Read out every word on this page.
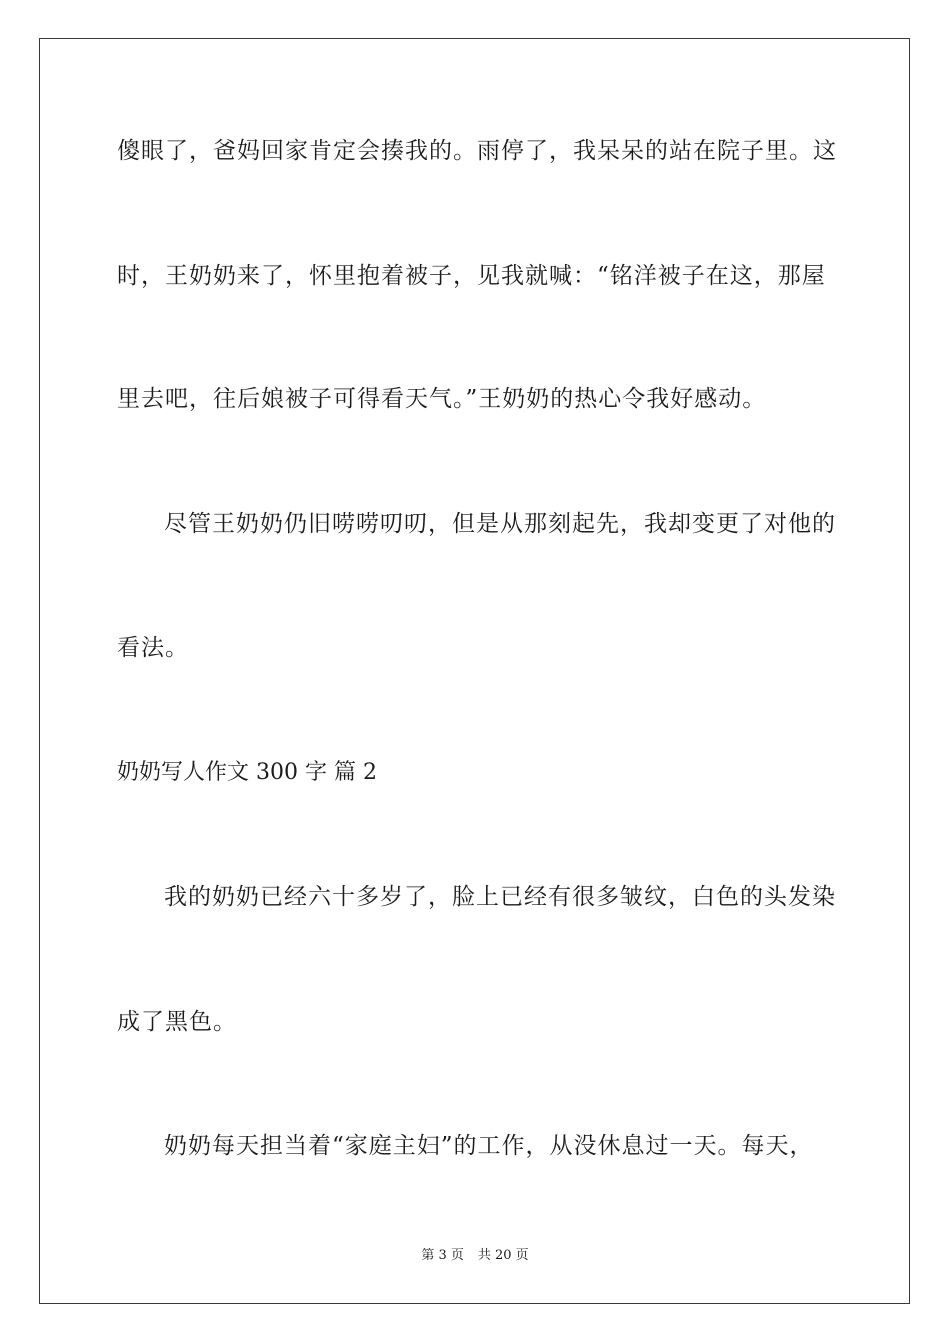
傻眼了，爸妈回家肯定会揍我的。雨停了，我呆呆的站在院子里。这

时，王奶奶来了，怀里抱着被子，见我就喊：“铭洋被子在这，那屋

里去吧，往后娘被子可得看天气。”王奶奶的热心令我好感动。

尽管王奶奶仍旧唠唠叨叨，但是从那刻起先，我却变更了对他的

看法。

奶奶写人作文 300 字 篇 2

我的奶奶已经六十多岁了，脸上已经有很多皱纹，白色的头发染

成了黑色。

奶奶每天担当着“家庭主妇”的工作，从没休息过一天。每天，

第 3 页 共 20 页
